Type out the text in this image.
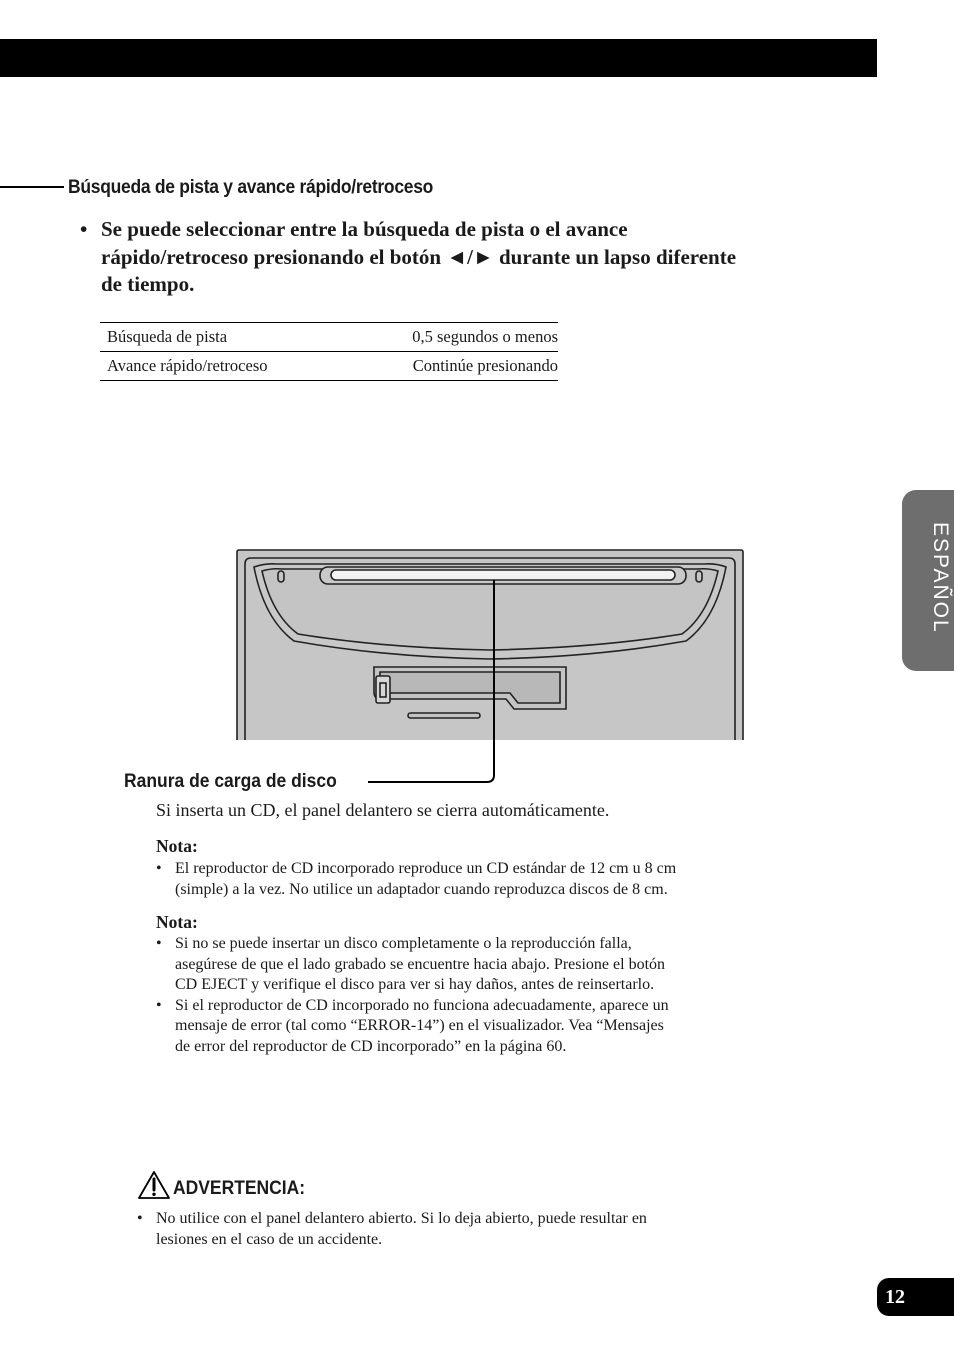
Búsqueda de pista y avance rápido/retroceso
• Se puede seleccionar entre la búsqueda de pista o el avance
rápido/retroceso presionando el botón ◄/► durante un lapso diferente
de tiempo.
Búsqueda de pista	0,5 segundos o menos
Avance rápido/retroceso	Continúe presionando
Ranura de carga de disco
Si inserta un CD, el panel delantero se cierra automáticamente.
Nota:
• El reproductor de CD incorporado reproduce un CD estándar de 12 cm u 8 cm
(simple) a la vez. No utilice un adaptador cuando reproduzca discos de 8 cm.
Nota:
• Si no se puede insertar un disco completamente o la reproducción falla,
asegúrese de que el lado grabado se encuentre hacia abajo. Presione el botón
CD EJECT y verifique el disco para ver si hay daños, antes de reinsertarlo.
• Si el reproductor de CD incorporado no funciona adecuadamente, aparece un
mensaje de error (tal como “ERROR-14”) en el visualizador. Vea “Mensajes
de error del reproductor de CD incorporado” en la página 60.
ADVERTENCIA:
• No utilice con el panel delantero abierto. Si lo deja abierto, puede resultar en
lesiones en el caso de un accidente.
ESPAÑOL
12
